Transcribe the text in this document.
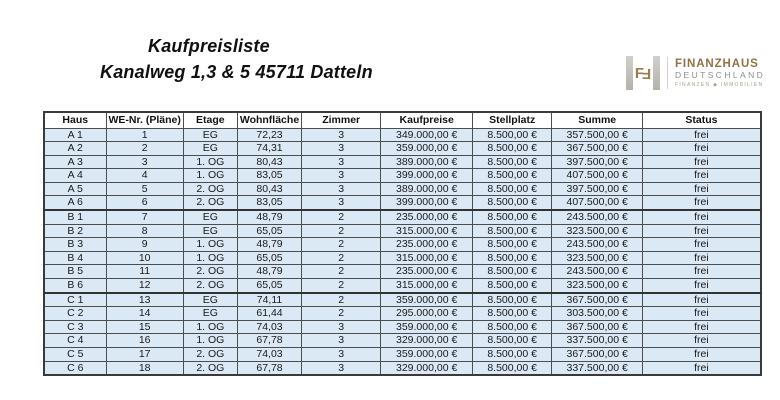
Kaufpreisliste
Kanalweg 1,3 & 5 45711 Datteln	F
F
FINANZHAUS
DEUTSCHLAND
FINANZEN ◆ IMMOBILIEN
Haus	WE-Nr. (Pläne)	Etage	Wohnfläche	Zimmer	Kaufpreise	Stellplatz	Summe	Status
A 1	1	EG	72,23	3	349.000,00 €	8.500,00 €	357.500,00 €	frei
A 2	2	EG	74,31	3	359.000,00 €	8.500,00 €	367.500,00 €	frei
A 3	3	1. OG	80,43	3	389.000,00 €	8.500,00 €	397.500,00 €	frei
A 4	4	1. OG	83,05	3	399.000,00 €	8.500,00 €	407.500,00 €	frei
A 5	5	2. OG	80,43	3	389.000,00 €	8.500,00 €	397.500,00 €	frei
A 6	6	2. OG	83,05	3	399.000,00 €	8.500,00 €	407.500,00 €	frei
B 1	7	EG	48,79	2	235.000,00 €	8.500,00 €	243.500,00 €	frei
B 2	8	EG	65,05	2	315.000,00 €	8.500,00 €	323.500,00 €	frei
B 3	9	1. OG	48,79	2	235.000,00 €	8.500,00 €	243.500,00 €	frei
B 4	10	1. OG	65,05	2	315.000,00 €	8.500,00 €	323.500,00 €	frei
B 5	11	2. OG	48,79	2	235.000,00 €	8.500,00 €	243.500,00 €	frei
B 6	12	2. OG	65,05	2	315.000,00 €	8.500,00 €	323.500,00 €	frei
C 1	13	EG	74,11	2	359.000,00 €	8.500,00 €	367.500,00 €	frei
C 2	14	EG	61,44	2	295.000,00 €	8.500,00 €	303.500,00 €	frei
C 3	15	1. OG	74,03	3	359.000,00 €	8.500,00 €	367.500,00 €	frei
C 4	16	1. OG	67,78	3	329.000,00 €	8.500,00 €	337.500,00 €	frei
C 5	17	2. OG	74,03	3	359.000,00 €	8.500,00 €	367.500,00 €	frei
C 6	18	2. OG	67,78	3	329.000,00 €	8.500,00 €	337.500,00 €	frei
